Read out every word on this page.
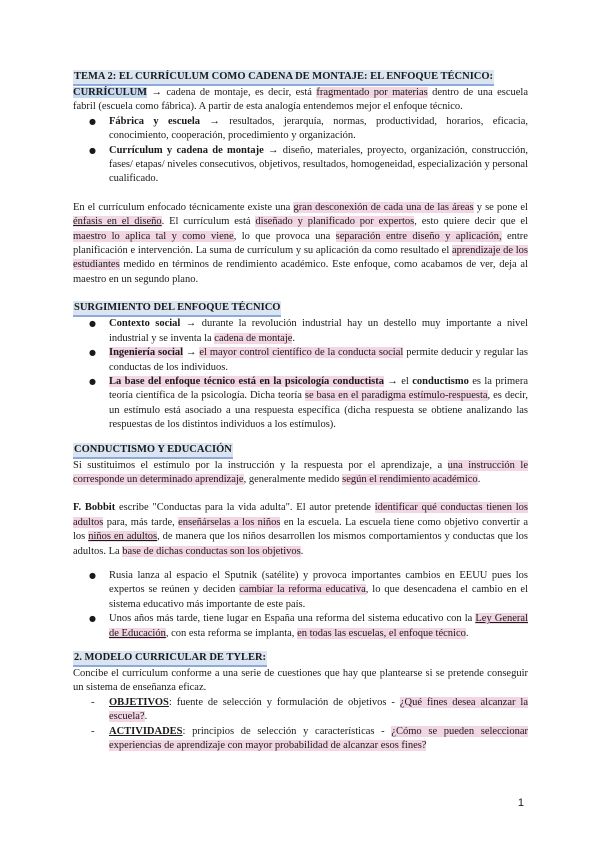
TEMA 2: EL CURRÍCULUM COMO CADENA DE MONTAJE: EL ENFOQUE TÉCNICO:

CURRÍCULUM → cadena de montaje, es decir, está fragmentado por materias dentro de una escuela fabril (escuela como fábrica). A partir de esta analogía entendemos mejor el enfoque técnico.

● Fábrica y escuela → resultados, jerarquía, normas, productividad, horarios, eficacia, conocimiento, cooperación, procedimiento y organización.
● Currículum y cadena de montaje → diseño, materiales, proyecto, organización, construcción, fases/ etapas/ niveles consecutivos, objetivos, resultados, homogeneidad, especialización y personal cualificado.

En el currículum enfocado técnicamente existe una gran desconexión de cada una de las áreas y se pone el énfasis en el diseño. El currículum está diseñado y planificado por expertos, esto quiere decir que el maestro lo aplica tal y como viene, lo que provoca una separación entre diseño y aplicación, entre planificación e intervención. La suma de currículum y su aplicación da como resultado el aprendizaje de los estudiantes medido en términos de rendimiento académico. Este enfoque, como acabamos de ver, deja al maestro en un segundo plano.

SURGIMIENTO DEL ENFOQUE TÉCNICO
● Contexto social → durante la revolución industrial hay un destello muy importante a nivel industrial y se inventa la cadena de montaje.
● Ingeniería social → el mayor control científico de la conducta social permite deducir y regular las conductas de los individuos.
● La base del enfoque técnico está en la psicología conductista → el conductismo es la primera teoría científica de la psicología. Dicha teoría se basa en el paradigma estímulo-respuesta, es decir, un estímulo está asociado a una respuesta específica (dicha respuesta se obtiene analizando las respuestas de los distintos individuos a los estímulos).
CONDUCTISMO Y EDUCACIÓN

Si sustituimos el estímulo por la instrucción y la respuesta por el aprendizaje, a una instrucción le corresponde un determinado aprendizaje, generalmente medido según el rendimiento académico.

F. Bobbit escribe "Conductas para la vida adulta". El autor pretende identificar qué conductas tienen los adultos para, más tarde, enseñárselas a los niños en la escuela. La escuela tiene como objetivo convertir a los niños en adultos, de manera que los niños desarrollen los mismos comportamientos y conductas que los adultos. La base de dichas conductas son los objetivos.

● Rusia lanza al espacio el Sputnik (satélite) y provoca importantes cambios en EEUU pues los expertos se reúnen y deciden cambiar la reforma educativa, lo que desencadena el cambio en el sistema educativo más importante de este país.
● Unos años más tarde, tiene lugar en España una reforma del sistema educativo con la Ley General de Educación, con esta reforma se implanta, en todas las escuelas, el enfoque técnico.
2. MODELO CURRICULAR DE TYLER:

Concibe el currículum conforme a una serie de cuestiones que hay que plantearse si se pretende conseguir un sistema de enseñanza eficaz.

- OBJETIVOS: fuente de selección y formulación de objetivos - ¿Qué fines desea alcanzar la escuela?.
- ACTIVIDADES: principios de selección y características - ¿Cómo se pueden seleccionar experiencias de aprendizaje con mayor probabilidad de alcanzar esos fines?
1
